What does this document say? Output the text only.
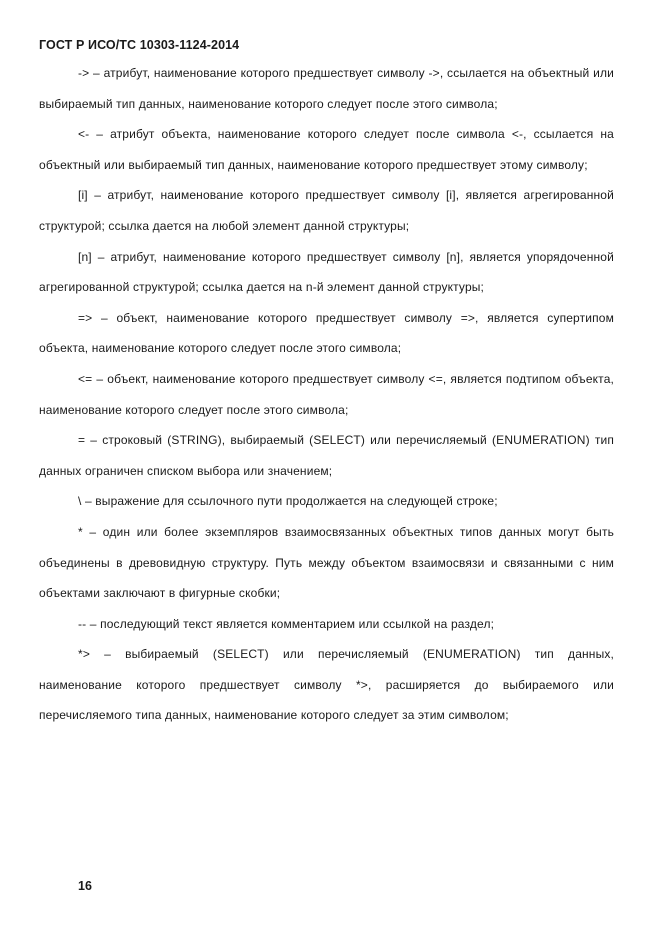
ГОСТ Р ИСО/ТС 10303-1124-2014

-> – атрибут, наименование которого предшествует символу ->, ссылается на объектный или выбираемый тип данных, наименование которого следует после этого символа;

<- – атрибут объекта, наименование которого следует после символа <-, ссылается на объектный или выбираемый тип данных, наименование которого предшествует этому символу;

[i] – атрибут, наименование которого предшествует символу [i], является агрегированной структурой; ссылка дается на любой элемент данной структуры;

[n] – атрибут, наименование которого предшествует символу [n], является упорядоченной агрегированной структурой; ссылка дается на n-й элемент данной структуры;

=> – объект, наименование которого предшествует символу =>, является супертипом объекта, наименование которого следует после этого символа;

<= – объект, наименование которого предшествует символу <=, является подтипом объекта, наименование которого следует после этого символа;

= – строковый (STRING), выбираемый (SELECT) или перечисляемый (ENUMERATION) тип данных ограничен списком выбора или значением;

\ – выражение для ссылочного пути продолжается на следующей строке;

* – один или более экземпляров взаимосвязанных объектных типов данных могут быть объединены в древовидную структуру. Путь между объектом взаимосвязи и связанными с ним объектами заключают в фигурные скобки;

-- – последующий текст является комментарием или ссылкой на раздел;

*> – выбираемый (SELECT) или перечисляемый (ENUMERATION) тип данных, наименование которого предшествует символу *>, расширяется до выбираемого или перечисляемого типа данных, наименование которого следует за этим символом;

16
